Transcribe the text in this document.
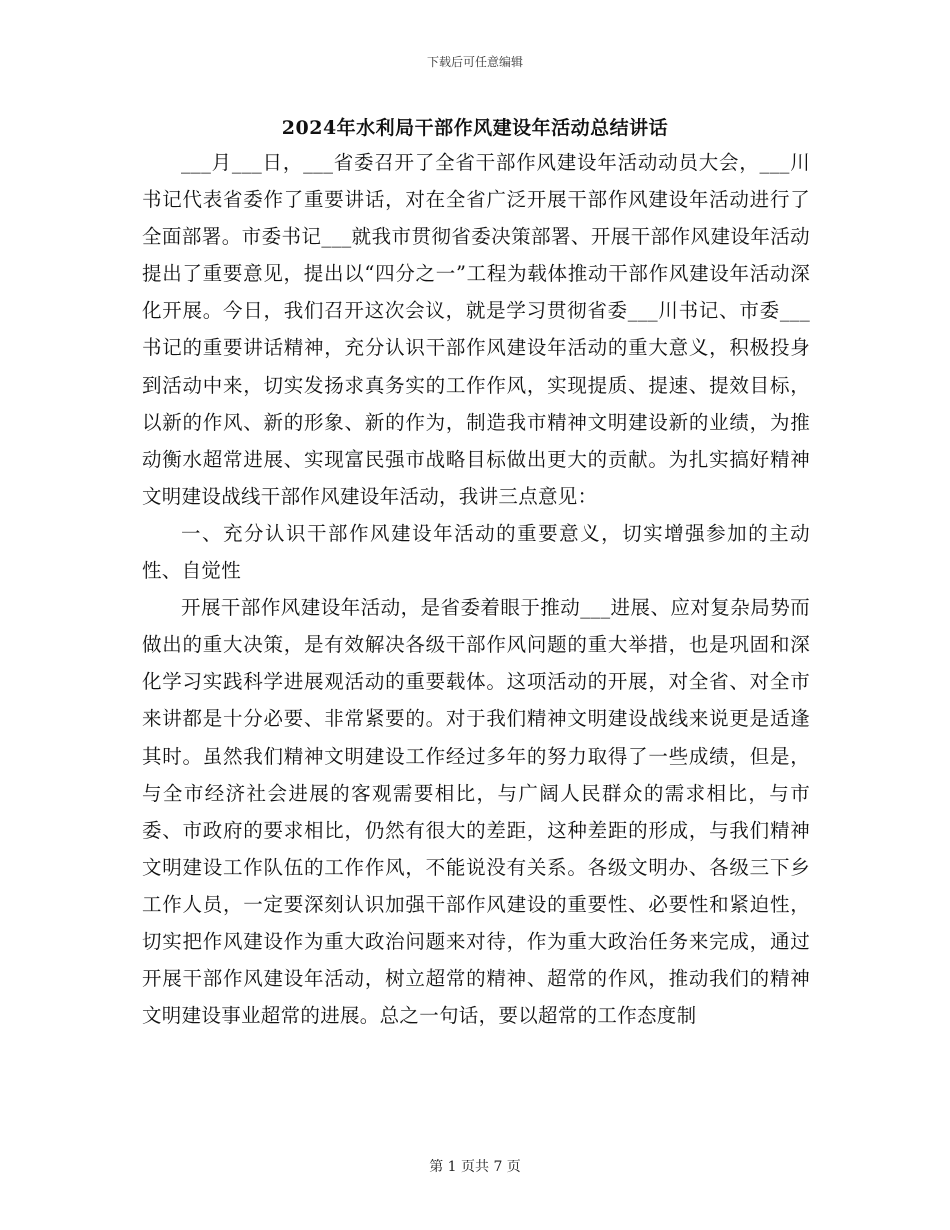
下载后可任意编辑
2024年水利局干部作风建设年活动总结讲话

___月___日，___省委召开了全省干部作风建设年活动动员大会，___川书记代表省委作了重要讲话，对在全省广泛开展干部作风建设年活动进行了全面部署。市委书记___就我市贯彻省委决策部署、开展干部作风建设年活动提出了重要意见，提出以“四分之一”工程为载体推动干部作风建设年活动深化开展。今日，我们召开这次会议，就是学习贯彻省委___川书记、市委___书记的重要讲话精神，充分认识干部作风建设年活动的重大意义，积极投身到活动中来，切实发扬求真务实的工作作风，实现提质、提速、提效目标，以新的作风、新的形象、新的作为，制造我市精神文明建设新的业绩，为推动衡水超常进展、实现富民强市战略目标做出更大的贡献。为扎实搞好精神文明建设战线干部作风建设年活动，我讲三点意见：

一、充分认识干部作风建设年活动的重要意义，切实增强参加的主动性、自觉性

开展干部作风建设年活动，是省委着眼于推动___进展、应对复杂局势而做出的重大决策，是有效解决各级干部作风问题的重大举措，也是巩固和深化学习实践科学进展观活动的重要载体。这项活动的开展，对全省、对全市来讲都是十分必要、非常紧要的。对于我们精神文明建设战线来说更是适逢其时。虽然我们精神文明建设工作经过多年的努力取得了一些成绩，但是，与全市经济社会进展的客观需要相比，与广阔人民群众的需求相比，与市委、市政府的要求相比，仍然有很大的差距，这种差距的形成，与我们精神文明建设工作队伍的工作作风，不能说没有关系。各级文明办、各级三下乡工作人员，一定要深刻认识加强干部作风建设的重要性、必要性和紧迫性，切实把作风建设作为重大政治问题来对待，作为重大政治任务来完成，通过开展干部作风建设年活动，树立超常的精神、超常的作风，推动我们的精神文明建设事业超常的进展。总之一句话，要以超常的工作态度制

第 1 页共 7 页
